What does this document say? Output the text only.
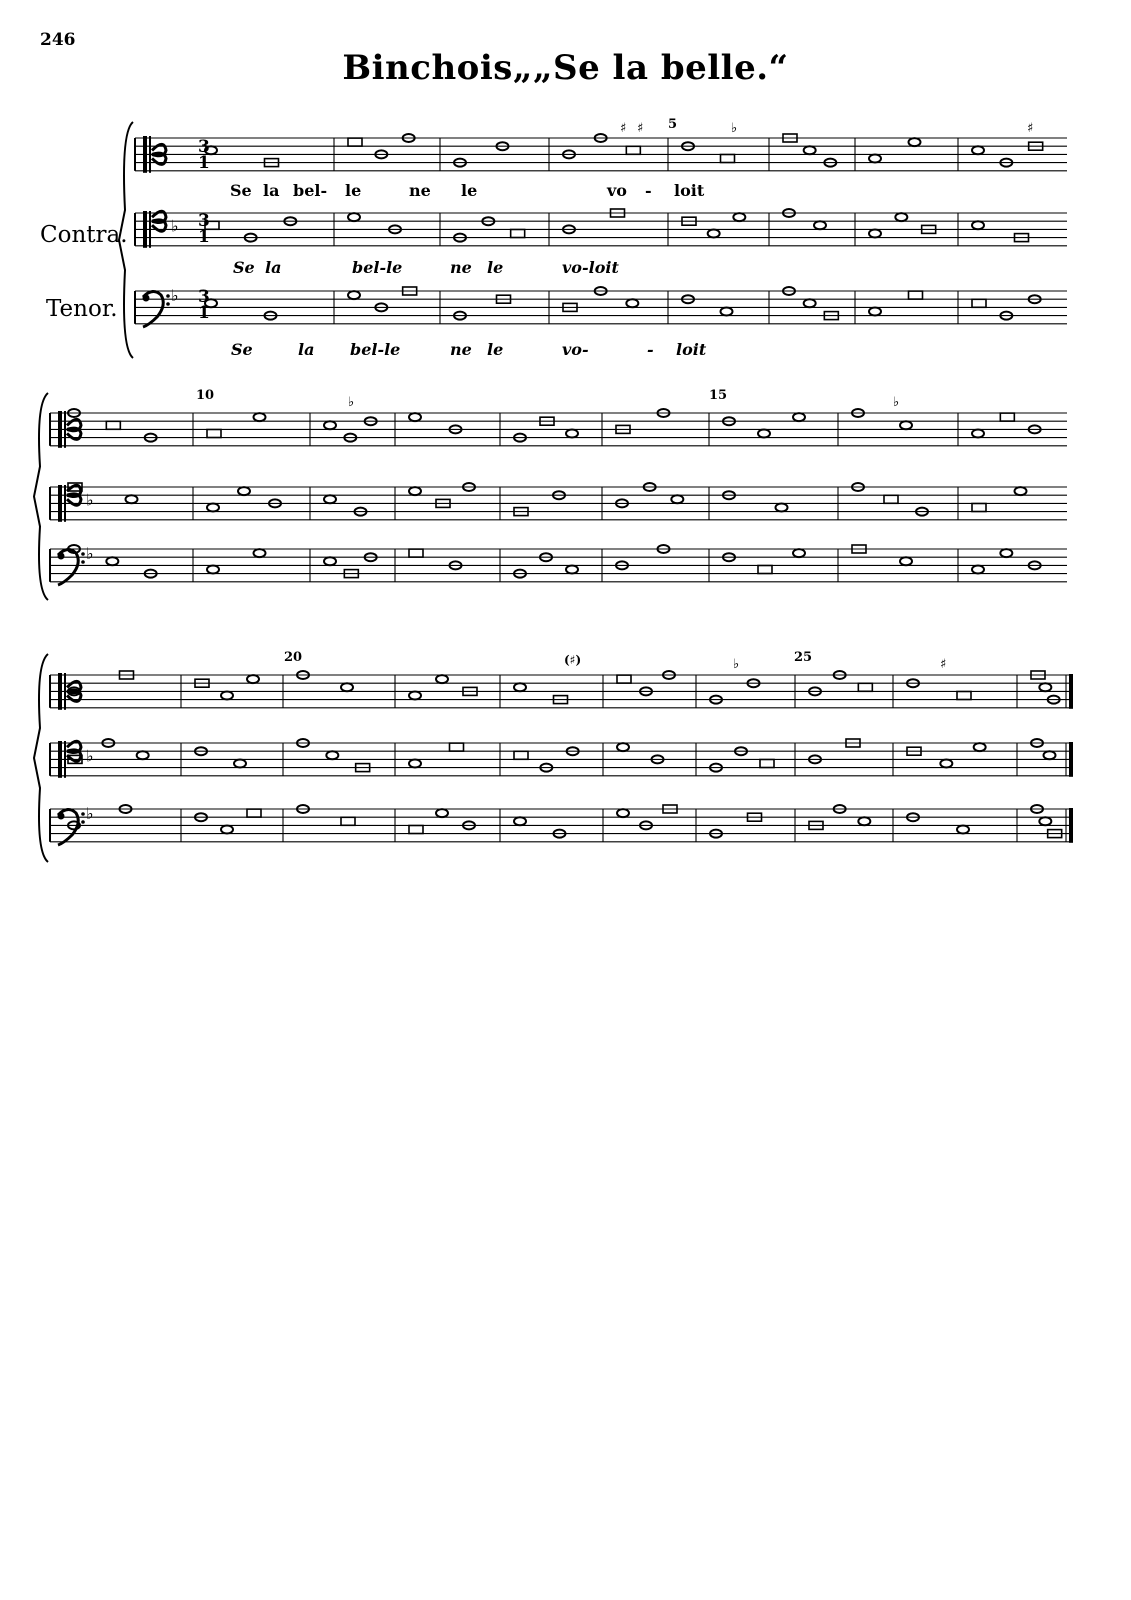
246
Binchois„„Se la belle.“
Contra.
Tenor.
5
10	15
20	25
Se la bel- le	ne le	vo - loit
Se la	bel-le	ne le	vo-loit
Se	la bel-le	ne le	vo-	- loit
♭
♭
♭
♭
♭
♭
♯ ♯	♭	♯
♭	♭
♭	♯
3
1
3
1
3
1
(♯)
